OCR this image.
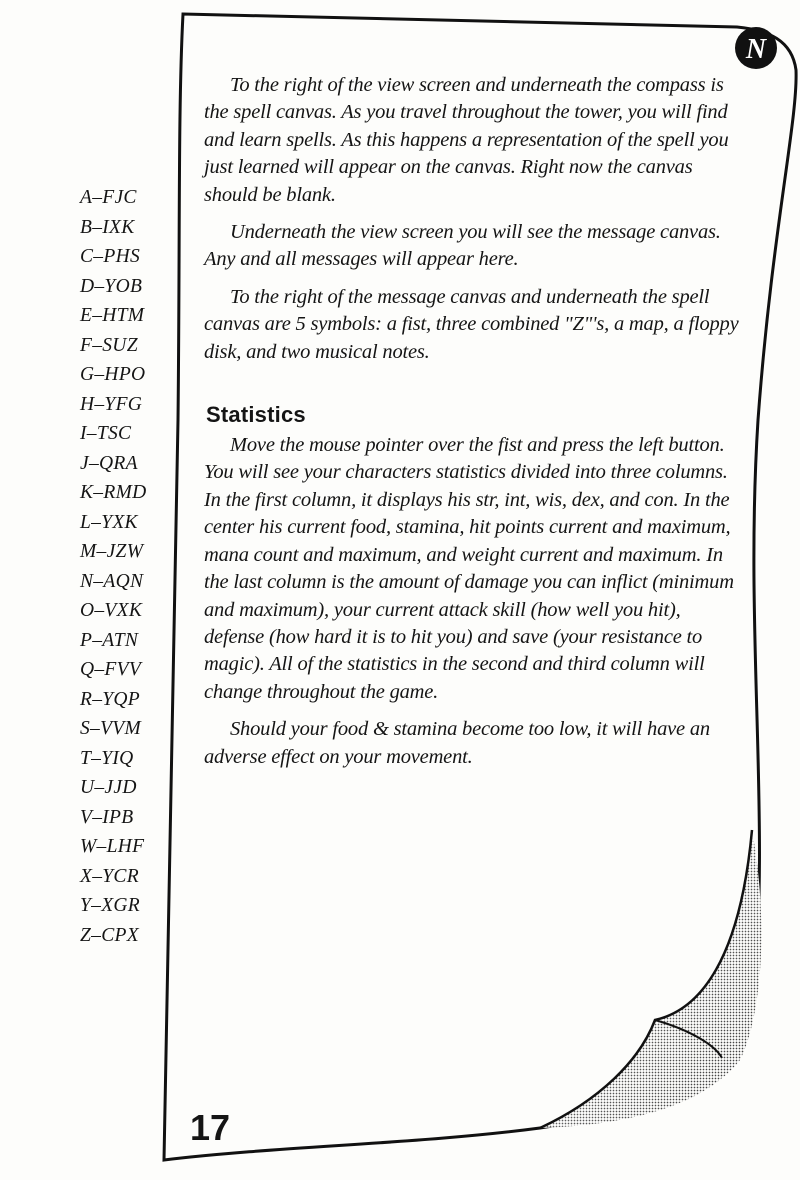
N
A–FJC
B–IXK
C–PHS
D–YOB
E–HTM
F–SUZ
G–HPO
H–YFG
I–TSC
J–QRA
K–RMD
L–YXK
M–JZW
N–AQN
O–VXK
P–ATN
Q–FVV
R–YQP
S–VVM
T–YIQ
U–JJD
V–IPB
W–LHF
X–YCR
Y–XGR
Z–CPX

To the right of the view screen and underneath the compass is the spell canvas. As you travel throughout the tower, you will find and learn spells. As this happens a representation of the spell you just learned will appear on the canvas. Right now the canvas should be blank.

Underneath the view screen you will see the message canvas. Any and all messages will appear here.

To the right of the message canvas and underneath the spell canvas are 5 symbols: a fist, three combined "Z"'s, a map, a floppy disk, and two musical notes.

Statistics

Move the mouse pointer over the fist and press the left button. You will see your characters statistics divided into three columns. In the first column, it displays his str, int, wis, dex, and con. In the center his current food, stamina, hit points current and maximum, mana count and maximum, and weight current and maximum. In the last column is the amount of damage you can inflict (minimum and maximum), your current attack skill (how well you hit), defense (how hard it is to hit you) and save (your resistance to magic). All of the statistics in the second and third column will change throughout the game.

Should your food & stamina become too low, it will have an adverse effect on your movement.

17
